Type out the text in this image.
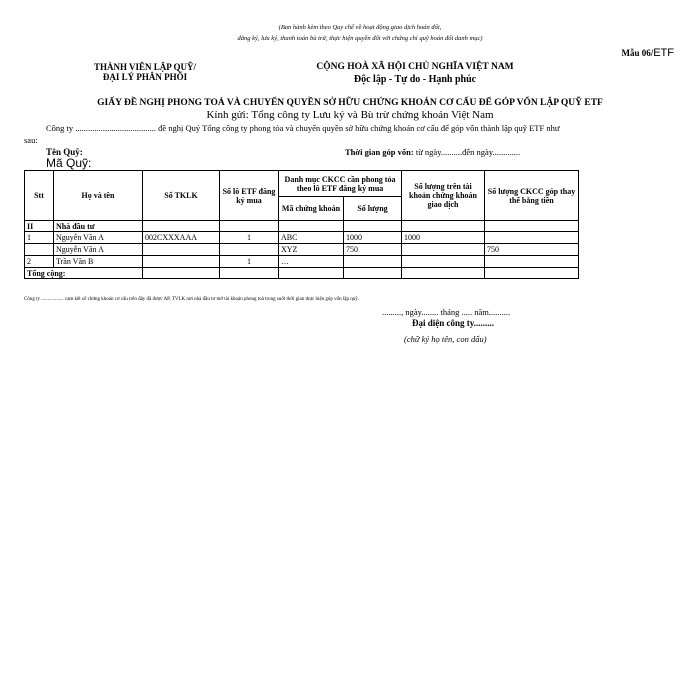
(Ban hành kèm theo Quy chế về hoạt động giao dịch hoán đổi,
đăng ký, lưu ký, thanh toán bù trừ, thực hiện quyền đối với chứng chỉ quỹ hoán đổi danh mục)
Mẫu 06/ETF
THÀNH VIÊN LẬP QUỸ/
ĐẠI LÝ PHÂN PHỐI
CỘNG HOÀ XÃ HỘI CHỦ NGHĨA VIỆT NAM
Độc lập - Tự do - Hạnh phúc
GIẤY ĐỀ NGHỊ PHONG TOẢ VÀ CHUYỂN QUYỀN SỞ HỮU CHỨNG KHOÁN CƠ CẤU ĐỂ GÓP VỐN LẬP QUỸ ETF
Kính gửi: Tổng công ty Lưu ký và Bù trừ chứng khoán Việt Nam
Công ty ...................................... đề nghị Quý Tổng công ty phong tỏa và chuyển quyền sở hữu chứng khoán cơ cấu để góp vốn thành lập quỹ ETF như
sau:
Tên Quỹ:
Mã Quỹ:
Thời gian góp vốn: từ ngày..........đến ngày.............
Stt	Họ và tên	Số TKLK	Số lô ETF đăng ký mua	Danh mục CKCC cần phong tỏa theo lô ETF đăng ký mua		Số lượng trên tài khoản chứng khoán giao dịch	Số lượng CKCC góp thay thế bằng tiền
				Mã chứng khoán	Số lượng		
II	Nhà đầu tư						
1	Nguyễn Văn A	002CXXXAAA	1	ABC	1000	1000	
	Nguyễn Văn A			XYZ	750		750
2	Trần Văn B		1	…			
Tổng cộng:							
Công ty .................. cam kết số chứng khoán cơ cấu trên đây đã được AP, TVLK nơi nhà đầu tư mở tài khoản phong toả trong suốt thời gian thực hiện góp vốn lập quỹ.
........., ngày........ tháng ..... năm..........
Đại diện công ty.........
(chữ ký họ tên, con dấu)
